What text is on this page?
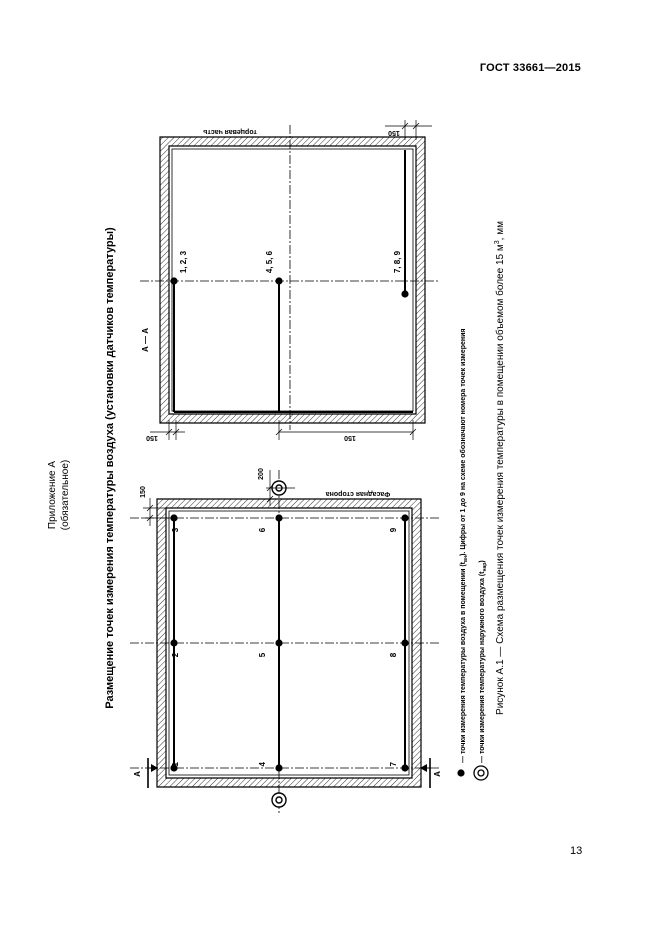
ГОСТ 33661—2015
Приложение А (обязательное)	Размещение точек измерения температуры воздуха (установки датчиков температуры)	Рисунок А.1 — Схема размещения точек измерения температуры в помещении объемом более 15 $м^3$, мм
13
1
2
3
4
5
6
7
8
9
Фасадная сторона
150
200
А	А
1, 2, 3	4, 5, 6	7, 8, 9
А — А
торцевая часть
150	150
150
— точки измерения температуры воздуха в помещении $(t_{вн})$. Цифры от 1 до 9 на схеме обозначают номера точек измерения
— точки измерения температуры наружного воздуха $(t_{нар})$
